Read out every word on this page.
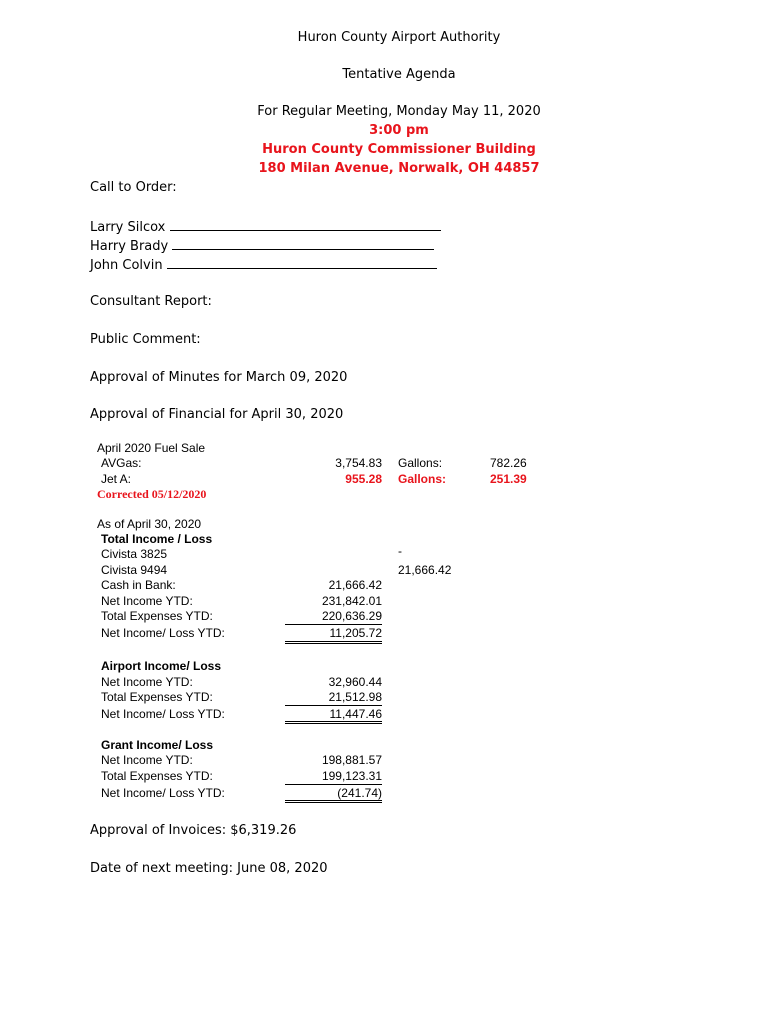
Huron County Airport Authority
Tentative Agenda
For Regular Meeting, Monday May 11, 2020
3:00 pm
Huron County Commissioner Building
180 Milan Avenue, Norwalk, OH 44857
Call to Order:
Larry Silcox
Harry Brady
John Colvin
Consultant Report:
Public Comment:
Approval of Minutes for March 09, 2020
Approval of Financial for April 30, 2020
April 2020 Fuel Sale
AVGas:	3,754.83 Gallons:	782.26
Jet A:	955.28 Gallons:	251.39
Corrected 05/12/2020
As of April 30, 2020
Total Income / Loss
Civista 3825	-
Civista 9494	21,666.42
Cash in Bank:	21,666.42
Net Income YTD:	231,842.01
Total Expenses YTD:	220,636.29
Net Income/ Loss YTD:	11,205.72
Airport Income/ Loss
Net Income YTD:	32,960.44
Total Expenses YTD:	21,512.98
Net Income/ Loss YTD:	11,447.46
Grant Income/ Loss
Net Income YTD:	198,881.57
Total Expenses YTD:	199,123.31
Net Income/ Loss YTD:	(241.74)
Approval of Invoices: $6,319.26
Date of next meeting: June 08, 2020
